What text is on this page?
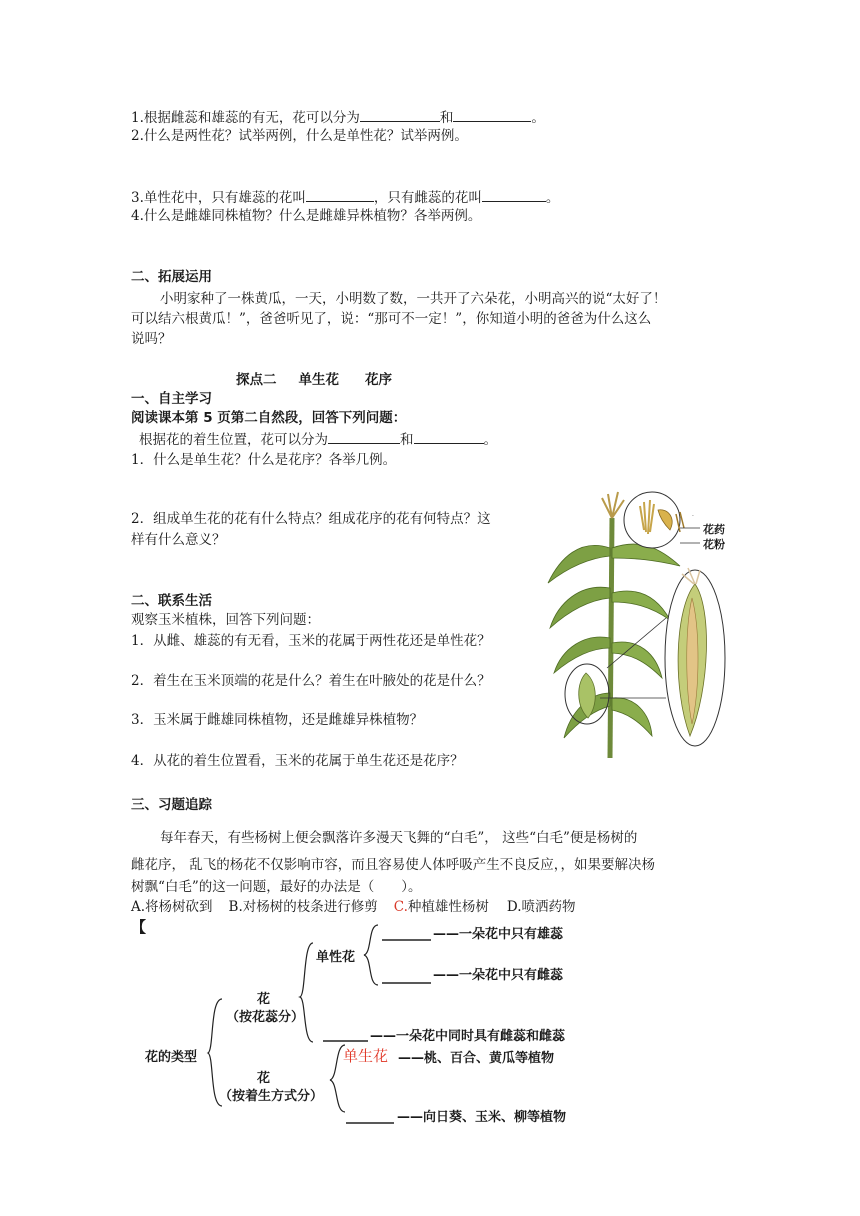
1.根据雌蕊和雄蕊的有无，花可以分为	和	。
2.什么是两性花？试举两例，什么是单性花？试举两例。
3.单性花中，只有雄蕊的花叫	，只有雌蕊的花叫	。
4.什么是雌雄同株植物？什么是雌雄异株植物？各举两例。
二、拓展运用
小明家种了一株黄瓜，一天，小明数了数，一共开了六朵花，小明高兴的说“太好了！
可以结六根黄瓜！”，爸爸听见了，说：“那可不一定！”，你知道小明的爸爸为什么这么
说吗？
探点二 单生花 花序
一、自主学习
阅读课本第 5 页第二自然段，回答下列问题：
根据花的着生位置，花可以分为	和	。
1．什么是单生花？什么是花序？各举几例。
2．组成单生花的花有什么特点？组成花序的花有何特点？这
样有什么意义？
二、联系生活
观察玉米植株，回答下列问题：
1．从雌、雄蕊的有无看，玉米的花属于两性花还是单性花？
2．着生在玉米顶端的花是什么？着生在叶腋处的花是什么？
3．玉米属于雌雄同株植物，还是雌雄异株植物？
4．从花的着生位置看，玉米的花属于单生花还是花序？
·
花药
花粉
三、习题追踪
每年春天，有些杨树上便会飘落许多漫天飞舞的“白毛”， 这些“白毛”便是杨树的
雌花序， 乱飞的杨花不仅影响市容，而且容易使人体呼吸产生不良反应，，如果要解决杨
树飘“白毛”的这一问题，最好的办法是（　　）。
A.将杨树砍到 B.对杨树的枝条进行修剪 C.种植雄性杨树 D.喷洒药物
【
花的类型
花
（按花蕊分）
花
（按着生方式分）
单性花
——一朵花中只有雄蕊
——一朵花中只有雌蕊
——一朵花中同时具有雌蕊和雌蕊
单生花 ——桃、百合、黄瓜等植物
——向日葵、玉米、柳等植物
